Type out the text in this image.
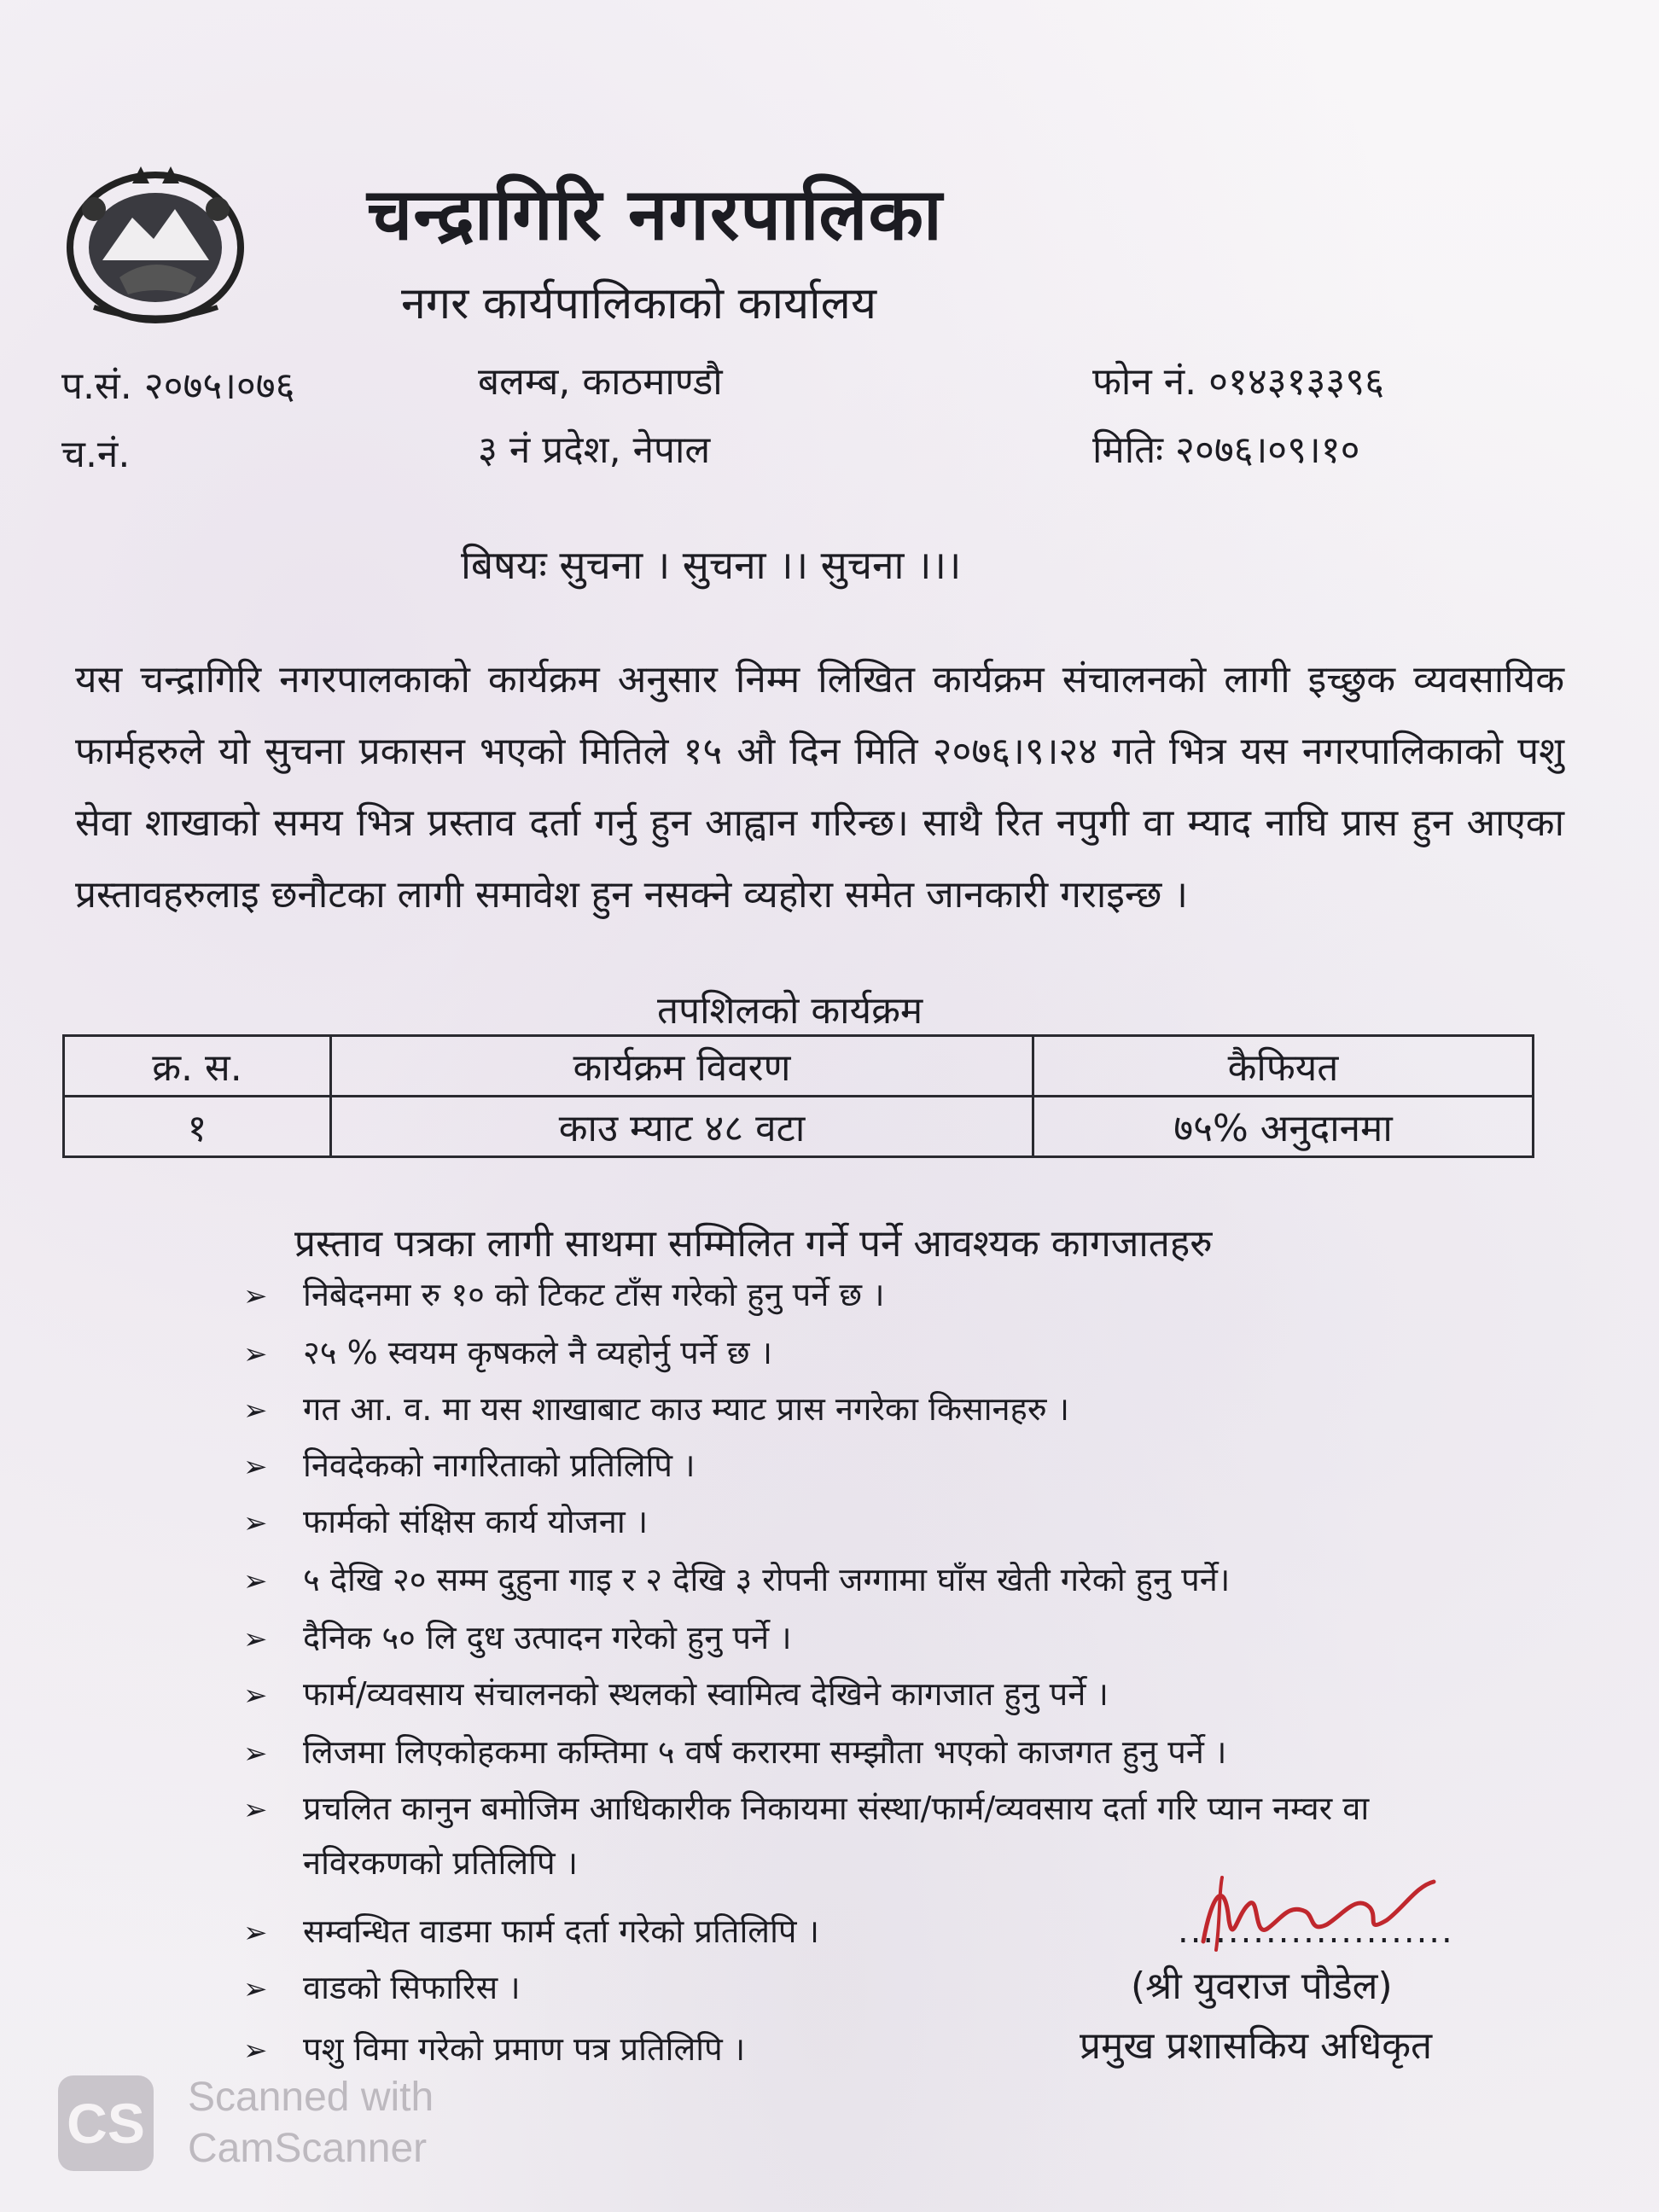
चन्द्रागिरि नगरपालिका
नगर कार्यपालिकाको कार्यालय
प.सं. २०७५।०७६
च.नं.
बलम्ब, काठमाण्डौ
३ नं प्रदेश, नेपाल
फोन नं. ०१४३१३३९६
मितिः २०७६।०९।१०
बिषयः सुचना । सुचना ।। सुचना ।।।
यस चन्द्रागिरि नगरपालकाको कार्यक्रम अनुसार निम्म लिखित कार्यक्रम संचालनको लागी इच्छुक व्यवसायिक फार्महरुले यो सुचना प्रकासन भएको मितिले १५ औ दिन मिति २०७६।९।२४ गते भित्र यस नगरपालिकाको पशु सेवा शाखाको समय भित्र प्रस्ताव दर्ता गर्नु हुन आह्वान गरिन्छ। साथै रित नपुगी वा म्याद नाघि प्रास हुन आएका प्रस्तावहरुलाइ छनौटका लागी समावेश हुन नसक्ने व्यहोरा समेत जानकारी गराइन्छ ।
तपशिलको कार्यक्रम
क्र. स.	कार्यक्रम विवरण	कैफियत
१	काउ म्याट ४८ वटा	७५% अनुदानमा
प्रस्ताव पत्रका लागी साथमा सम्मिलित गर्ने पर्ने आवश्यक कागजातहरु
➢ निबेदनमा रु १० को टिकट टाँस गरेको हुनु पर्ने छ ।
➢ २५ % स्वयम कृषकले नै व्यहोर्नु पर्ने छ ।
➢ गत आ. व. मा यस शाखाबाट काउ म्याट प्रास नगरेका किसानहरु ।
➢ निवदेकको नागरिताको प्रतिलिपि ।
➢ फार्मको संक्षिस कार्य योजना ।
➢ ५ देखि २० सम्म दुहुना गाइ र २ देखि ३ रोपनी जग्गामा घाँस खेती गरेको हुनु पर्ने।
➢ दैनिक ५० लि दुध उत्पादन गरेको हुनु पर्ने ।
➢ फार्म/व्यवसाय संचालनको स्थलको स्वामित्व देखिने कागजात हुनु पर्ने ।
➢ लिजमा लिएकोहकमा कम्तिमा ५ वर्ष करारमा सम्झौता भएको काजगत हुनु पर्ने ।
➢ प्रचलित कानुन बमोजिम आधिकारीक निकायमा संस्था/फार्म/व्यवसाय दर्ता गरि प्यान नम्वर वा
नविरकणको प्रतिलिपि ।
➢ सम्वन्धित वाडमा फार्म दर्ता गरेको प्रतिलिपि ।
➢ वाडको सिफारिस ।
➢ पशु विमा गरेको प्रमाण पत्र प्रतिलिपि ।
......................
(श्री युवराज पौडेल)
प्रमुख प्रशासकिय अधिकृत
CS Scanned with
CamScanner
